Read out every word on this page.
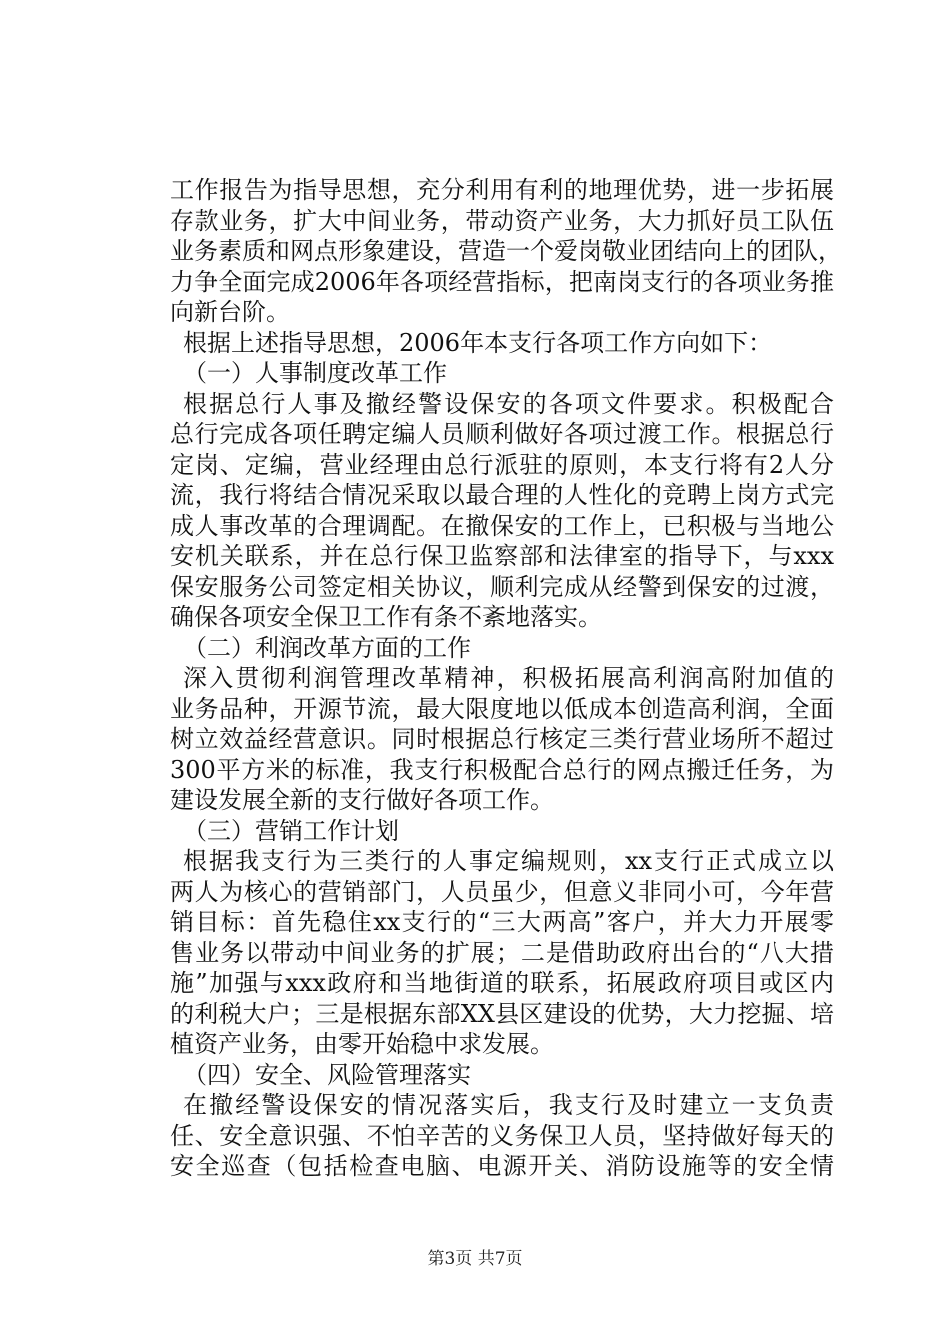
工作报告为指导思想，充分利用有利的地理优势，进一步拓展
存款业务，扩大中间业务，带动资产业务，大力抓好员工队伍
业务素质和网点形象建设，营造一个爱岗敬业团结向上的团队，
力争全面完成2006年各项经营指标，把南岗支行的各项业务推
向新台阶。
根据上述指导思想，2006年本支行各项工作方向如下：
（一）人事制度改革工作
根据总行人事及撤经警设保安的各项文件要求。积极配合
总行完成各项任聘定编人员顺利做好各项过渡工作。根据总行
定岗、定编，营业经理由总行派驻的原则，本支行将有2人分
流，我行将结合情况采取以最合理的人性化的竞聘上岗方式完
成人事改革的合理调配。在撤保安的工作上，已积极与当地公
安机关联系，并在总行保卫监察部和法律室的指导下，与xxx
保安服务公司签定相关协议，顺利完成从经警到保安的过渡，
确保各项安全保卫工作有条不紊地落实。
（二）利润改革方面的工作
深入贯彻利润管理改革精神，积极拓展高利润高附加值的
业务品种，开源节流，最大限度地以低成本创造高利润，全面
树立效益经营意识。同时根据总行核定三类行营业场所不超过
300平方米的标准，我支行积极配合总行的网点搬迁任务，为
建设发展全新的支行做好各项工作。
（三）营销工作计划
根据我支行为三类行的人事定编规则，xx支行正式成立以
两人为核心的营销部门，人员虽少，但意义非同小可，今年营
销目标：首先稳住xx支行的“三大两高”客户，并大力开展零
售业务以带动中间业务的扩展；二是借助政府出台的“八大措
施”加强与xxx政府和当地街道的联系，拓展政府项目或区内
的利税大户；三是根据东部XX县区建设的优势，大力挖掘、培
植资产业务，由零开始稳中求发展。
（四）安全、风险管理落实
在撤经警设保安的情况落实后，我支行及时建立一支负责
任、安全意识强、不怕辛苦的义务保卫人员，坚持做好每天的
安全巡查（包括检查电脑、电源开关、消防设施等的安全情
第3页 共7页
